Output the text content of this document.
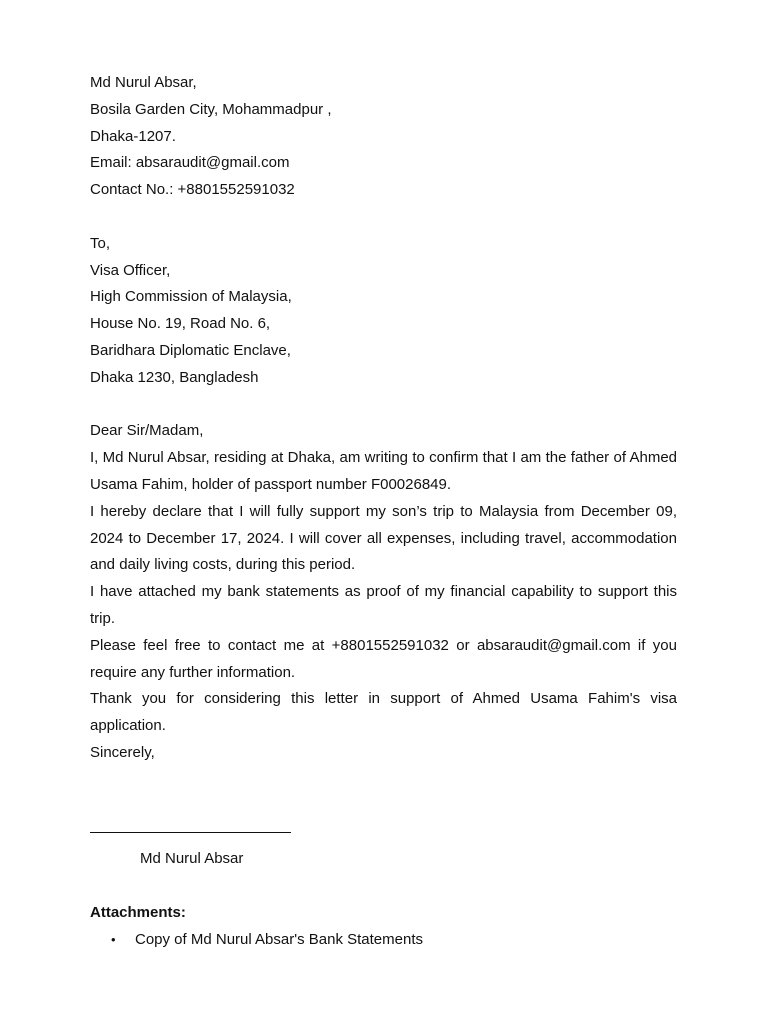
Md Nurul Absar,
Bosila Garden City, Mohammadpur ,
Dhaka-1207.
Email: absaraudit@gmail.com
Contact No.: +8801552591032
To,
Visa Officer,
High Commission of Malaysia,
House No. 19, Road No. 6,
Baridhara Diplomatic Enclave,
Dhaka 1230, Bangladesh
Dear Sir/Madam,
I, Md Nurul Absar, residing at Dhaka, am writing to confirm that I am the father of Ahmed Usama Fahim, holder of passport number F00026849.
I hereby declare that I will fully support my son’s trip to Malaysia from December 09, 2024 to December 17, 2024. I will cover all expenses, including travel, accommodation and daily living costs, during this period.
I have attached my bank statements as proof of my financial capability to support this trip.
Please feel free to contact me at +8801552591032 or absaraudit@gmail.com if you require any further information.
Thank you for considering this letter in support of Ahmed Usama Fahim's visa application.
Sincerely,
Md Nurul Absar
Attachments:
• Copy of Md Nurul Absar's Bank Statements
